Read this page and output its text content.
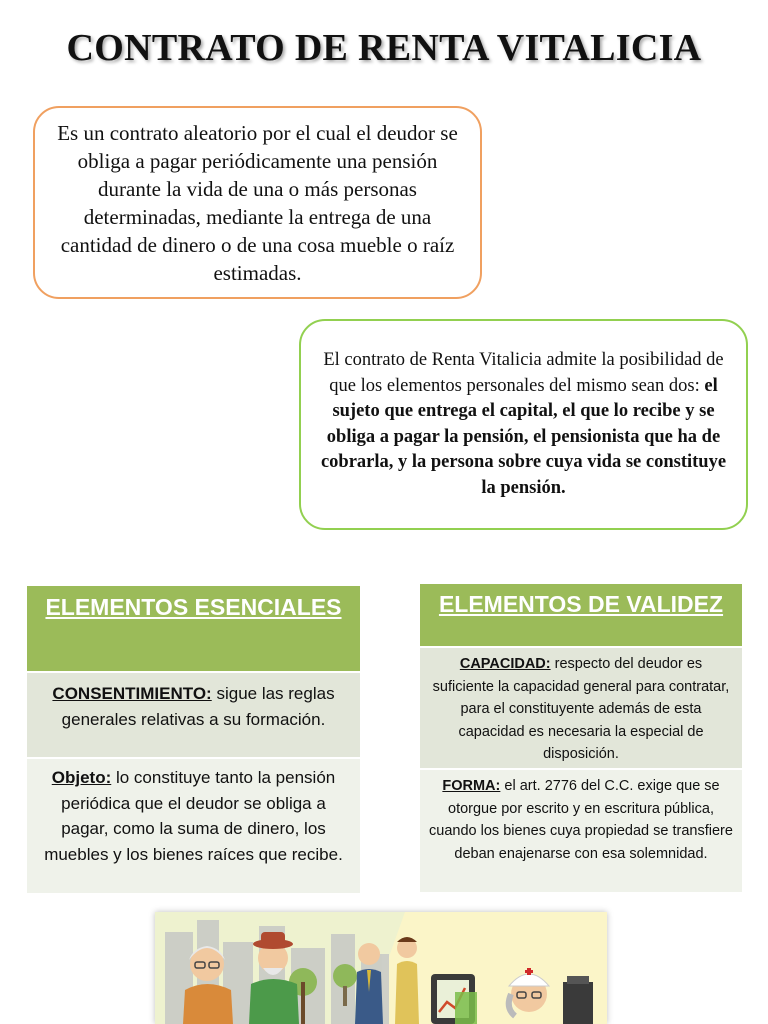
CONTRATO DE RENTA VITALICIA

Es un contrato aleatorio por el cual el deudor se obliga a pagar periódicamente una pensión durante la vida de una o más personas determinadas, mediante la entrega de una cantidad de dinero o de una cosa mueble o raíz estimadas.

El contrato de Renta Vitalicia admite la posibilidad de que los elementos personales del mismo sean dos: el sujeto que entrega el capital, el que lo recibe y se obliga a pagar la pensión, el pensionista que ha de cobrarla, y la persona sobre cuya vida se constituye la pensión.

ELEMENTOS ESENCIALES
CONSENTIMIENTO: sigue las reglas generales relativas a su formación.
Objeto: lo constituye tanto la pensión periódica que el deudor se obliga a pagar, como la suma de dinero, los muebles y los bienes raíces que recibe.
ELEMENTOS DE VALIDEZ
CAPACIDAD: respecto del deudor es suficiente la capacidad general para contratar, para el constituyente además de esta capacidad es necesaria la especial de disposición.
FORMA: el art. 2776 del C.C. exige que se otorgue por escrito y en escritura pública, cuando los bienes cuya propiedad se transfiere deban enajenarse con esa solemnidad.
